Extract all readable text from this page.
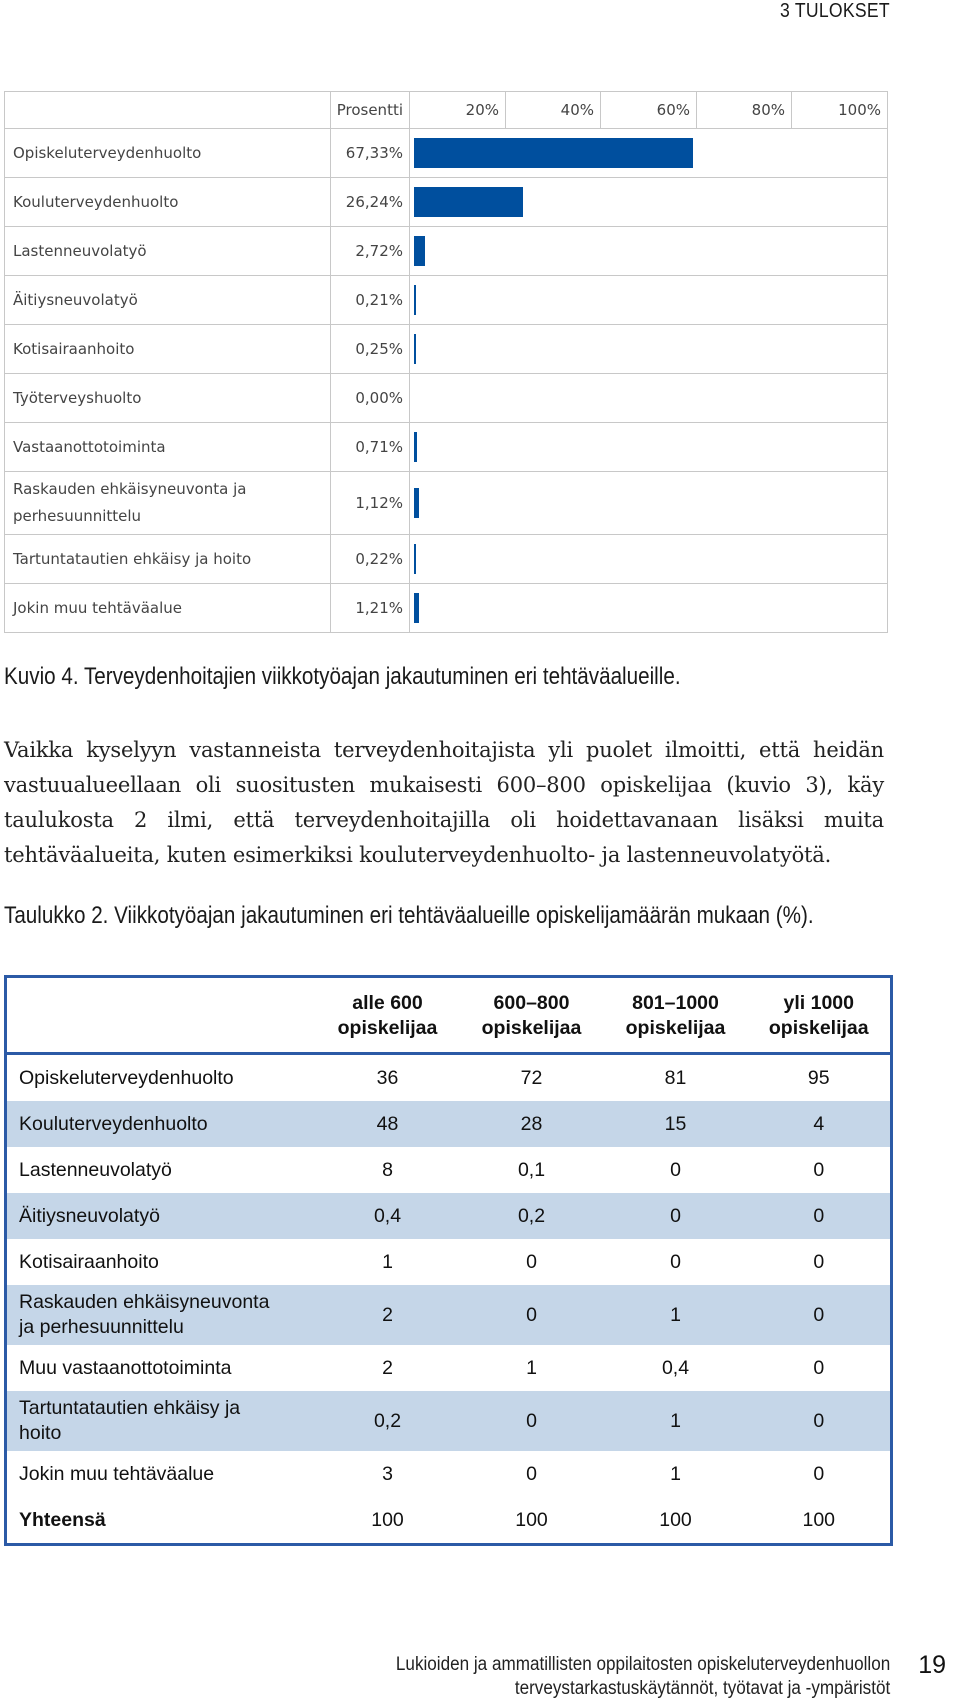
3 TULOKSET
	Prosentti	20%	40%	60%	80%	100%
Opiskeluterveydenhuolto	67,33%					

Kouluterveydenhuolto	26,24%					

Lastenneuvolatyö	2,72%					

Äitiysneuvolatyö	0,21%					

Kotisairaanhoito	0,25%					

Työterveyshuolto	0,00%					
Vastaanottotoiminta	0,71%					

Raskauden ehkäisyneuvonta ja perhesuunnittelu	1,12%					

Tartuntatautien ehkäisy ja hoito	0,22%					

Jokin muu tehtäväalue	1,21%					
Kuvio 4. Terveydenhoitajien viikkotyöajan jakautuminen eri tehtäväalueille.
Vaikka kyselyyn vastanneista terveydenhoitajista yli puolet ilmoitti, että heidän vastuualueellaan oli suositusten mukaisesti 600–800 opiskelijaa (kuvio 3), käy taulukosta 2 ilmi, että terveydenhoitajilla oli hoidettavanaan lisäksi muita tehtäväalueita, kuten esimerkiksi kouluterveydenhuolto- ja lastenneuvolatyötä.
Taulukko 2. Viikkotyöajan jakautuminen eri tehtäväalueille opiskelijamäärän mukaan (%).
	alle 600 opiskelijaa	600–800 opiskelijaa	801–1000 opiskelijaa	yli 1000 opiskelijaa
Opiskeluterveydenhuolto	36	72	81	95
Kouluterveydenhuolto	48	28	15	4
Lastenneuvolatyö	8	0,1	0	0
Äitiysneuvolatyö	0,4	0,2	0	0
Kotisairaanhoito	1	0	0	0
Raskauden ehkäisyneuvonta ja perhesuunnittelu	2	0	1	0
Muu vastaanottotoiminta	2	1	0,4	0
Tartuntatautien ehkäisy ja hoito	0,2	0	1	0
Jokin muu tehtäväalue	3	0	1	0
Yhteensä	100	100	100	100
Lukioiden ja ammatillisten oppilaitosten opiskeluterveydenhuollon
terveystarkastuskäytännöt, työtavat ja -ympäristöt
19
